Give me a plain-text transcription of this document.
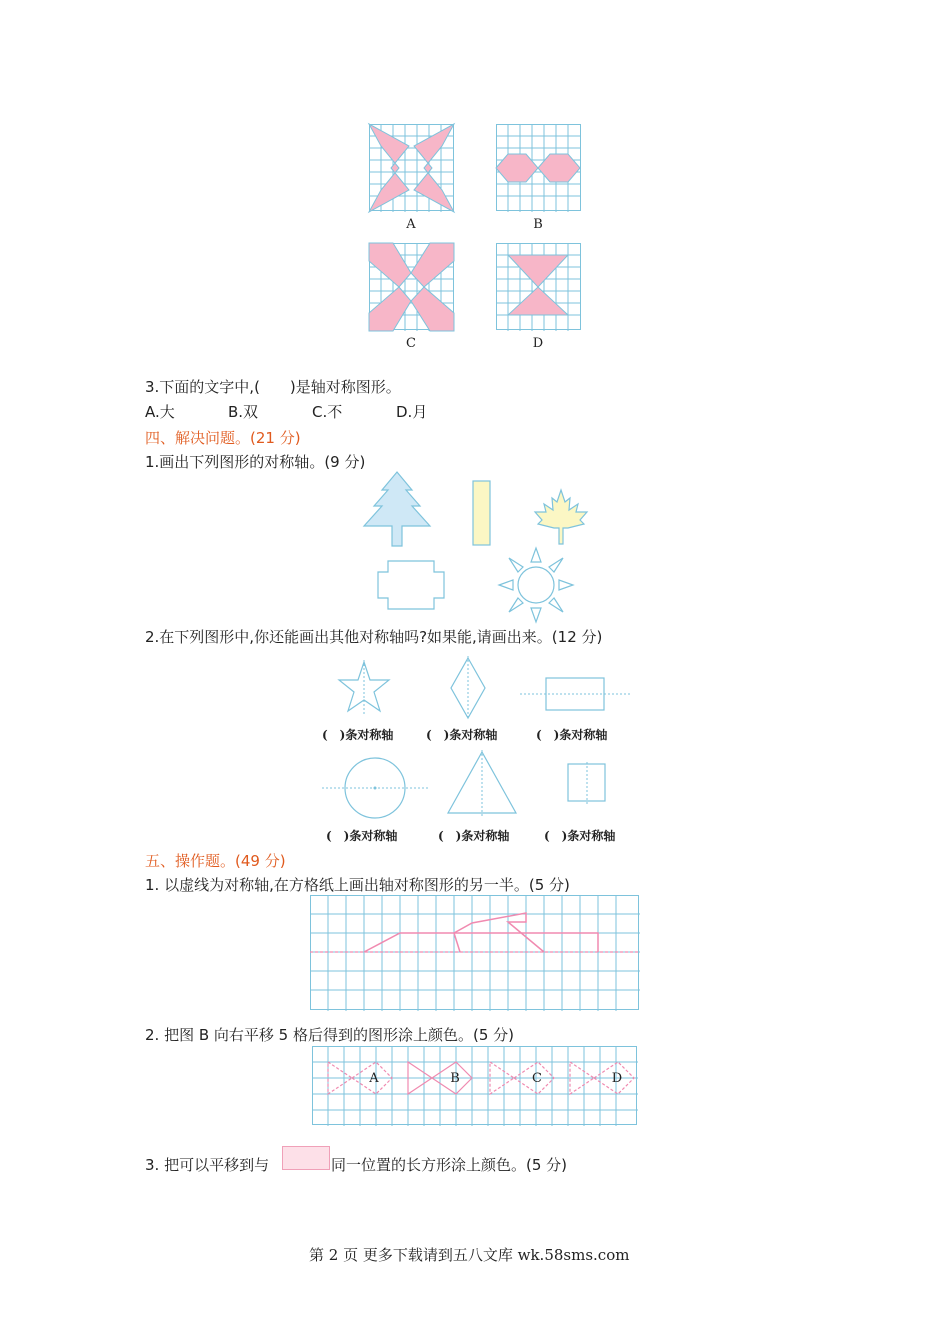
A	B
C	D
3.下面的文字中,(　　)是轴对称图形。
A.大	B.双	C.不	D.月
四、解决问题。(21 分)
1.画出下列图形的对称轴。(9 分)
2.在下列图形中,你还能画出其他对称轴吗?如果能,请画出来。(12 分)
(　)条对称轴	(　)条对称轴	(　)条对称轴
(　)条对称轴	(　)条对称轴	(　)条对称轴
五、操作题。(49 分)
1. 以虚线为对称轴,在方格纸上画出轴对称图形的另一半。(5 分)
2. 把图 B 向右平移 5 格后得到的图形涂上颜色。(5 分)
A	B	C	D
3. 把可以平移到与	同一位置的长方形涂上颜色。(5 分)
第 2 页 更多下载请到五八文库 wk.58sms.com
